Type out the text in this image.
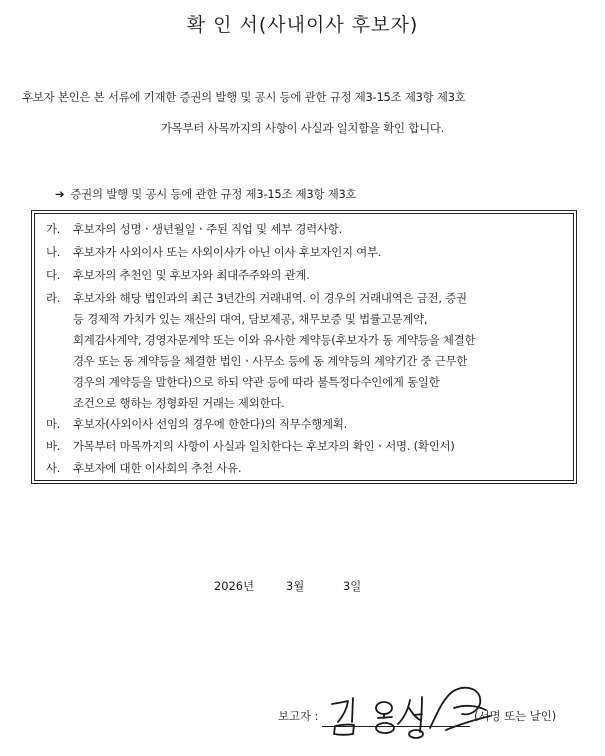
확 인 서(사내이사 후보자)
후보자 본인은 본 서류에 기재한 증권의 발행 및 공시 등에 관한 규정 제3-15조 제3항 제3호
가목부터 사목까지의 사항이 사실과 일치함을 확인 합니다.
➔ 증권의 발행 및 공시 등에 관한 규정 제3-15조 제3항 제3호
가. 후보자의 성명ㆍ생년월일ㆍ주된 직업 및 세부 경력사항.
나. 후보자가 사외이사 또는 사외이사가 아닌 이사 후보자인지 여부.
다. 후보자의 추천인 및 후보자와 최대주주와의 관계.
라. 후보자와 해당 법인과의 최근 3년간의 거래내역. 이 경우의 거래내역은 금전, 증권
등 경제적 가치가 있는 재산의 대여, 담보제공, 채무보증 및 법률고문계약,
회계감사계약, 경영자문계약 또는 이와 유사한 계약등(후보자가 동 계약등을 체결한
경우 또는 동 계약등을 체결한 법인ㆍ사무소 등에 동 계약등의 계약기간 중 근무한
경우의 계약등을 말한다)으로 하되 약관 등에 따라 불특정다수인에게 동일한
조건으로 행하는 정형화된 거래는 제외한다.
마. 후보자(사외이사 선임의 경우에 한한다)의 직무수행계획.
바. 가목부터 마목까지의 사항이 사실과 일치한다는 후보자의 확인ㆍ서명. (확인서)
사. 후보자에 대한 이사회의 추천 사유.
2026년	3월	3일
보고자 :	(서명 또는 날인)
